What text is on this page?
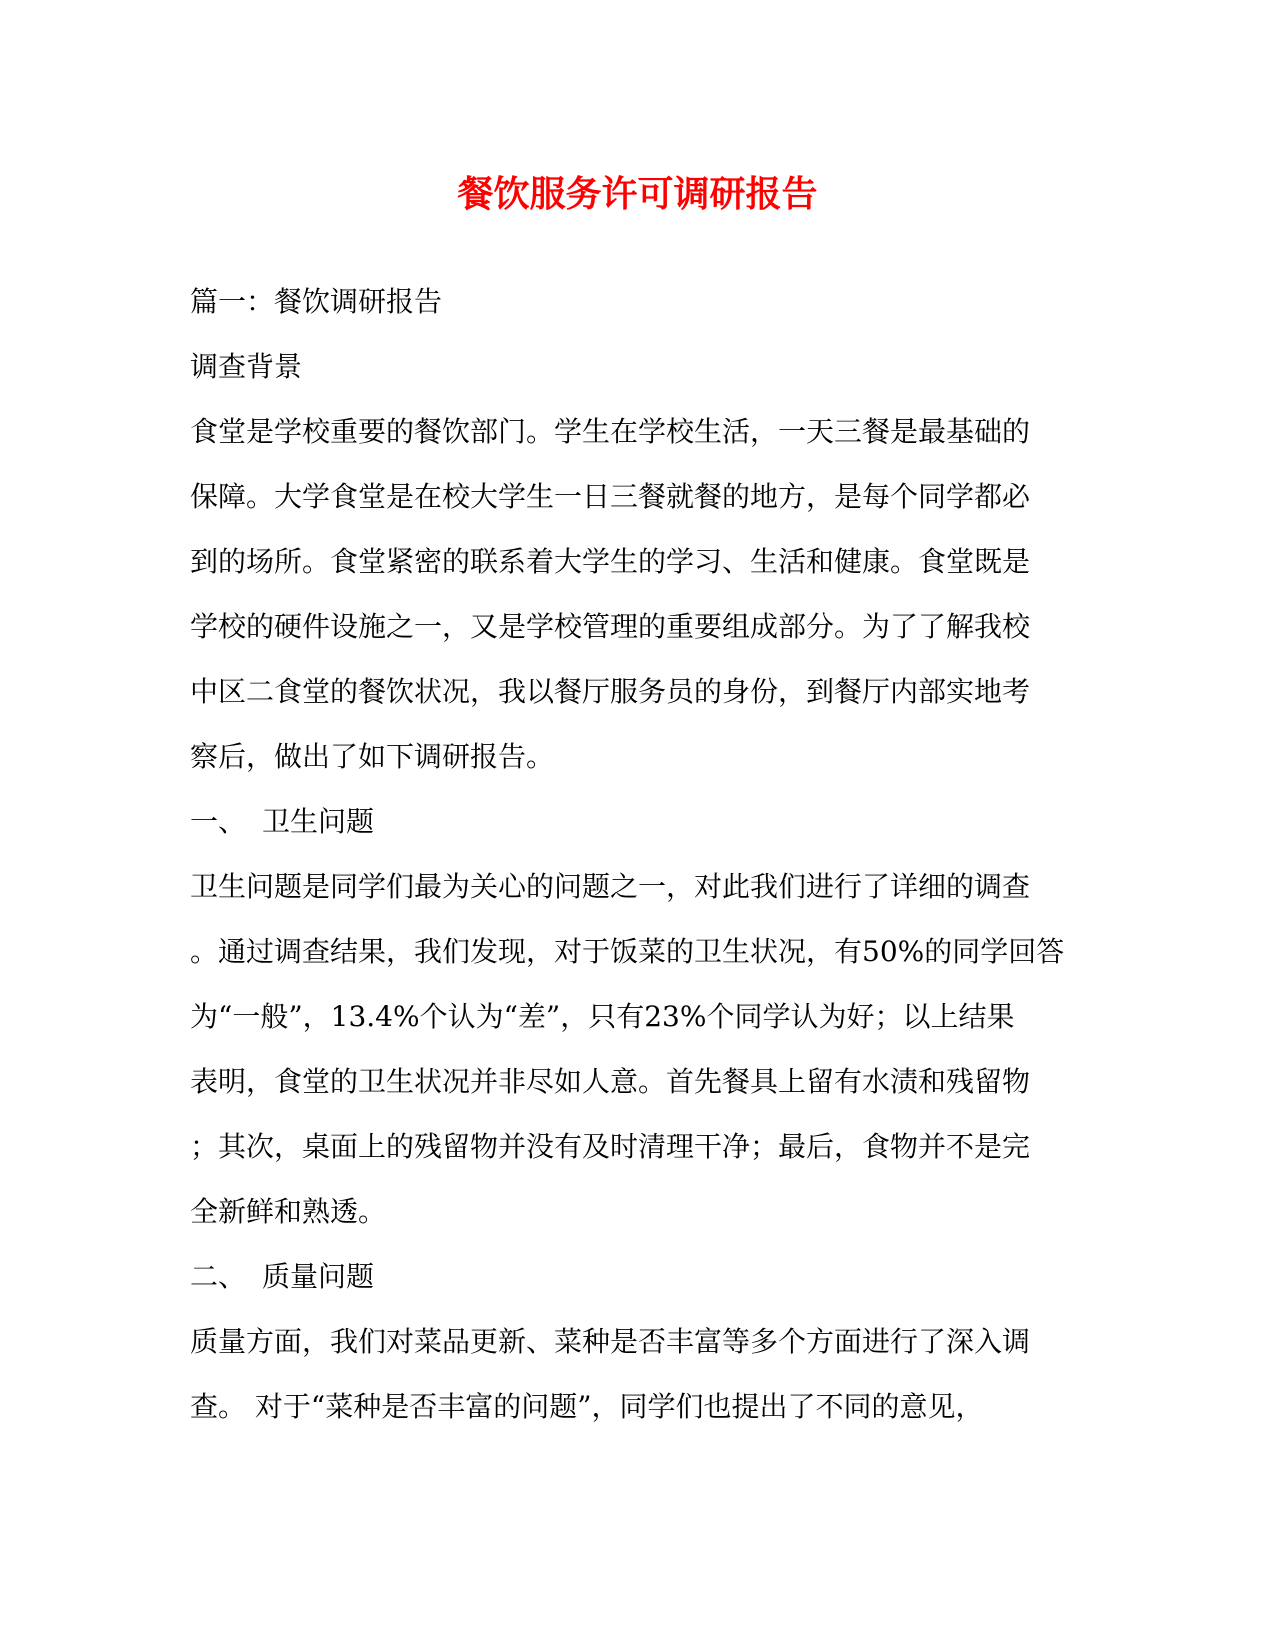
餐饮服务许可调研报告
篇一：餐饮调研报告
调查背景
食堂是学校重要的餐饮部门。学生在学校生活，一天三餐是最基础的
保障。大学食堂是在校大学生一日三餐就餐的地方，是每个同学都必
到的场所。食堂紧密的联系着大学生的学习、生活和健康。食堂既是
学校的硬件设施之一，又是学校管理的重要组成部分。为了了解我校
中区二食堂的餐饮状况，我以餐厅服务员的身份，到餐厅内部实地考
察后，做出了如下调研报告。
一、 卫生问题
卫生问题是同学们最为关心的问题之一，对此我们进行了详细的调查
。通过调查结果，我们发现，对于饭菜的卫生状况，有50%的同学回答
为“一般”，13.4%个认为“差”，只有23%个同学认为好；以上结果
表明，食堂的卫生状况并非尽如人意。首先餐具上留有水渍和残留物
；其次，桌面上的残留物并没有及时清理干净；最后，食物并不是完
全新鲜和熟透。
二、 质量问题
质量方面，我们对菜品更新、菜种是否丰富等多个方面进行了深入调
查。 对于“菜种是否丰富的问题”，同学们也提出了不同的意见，
